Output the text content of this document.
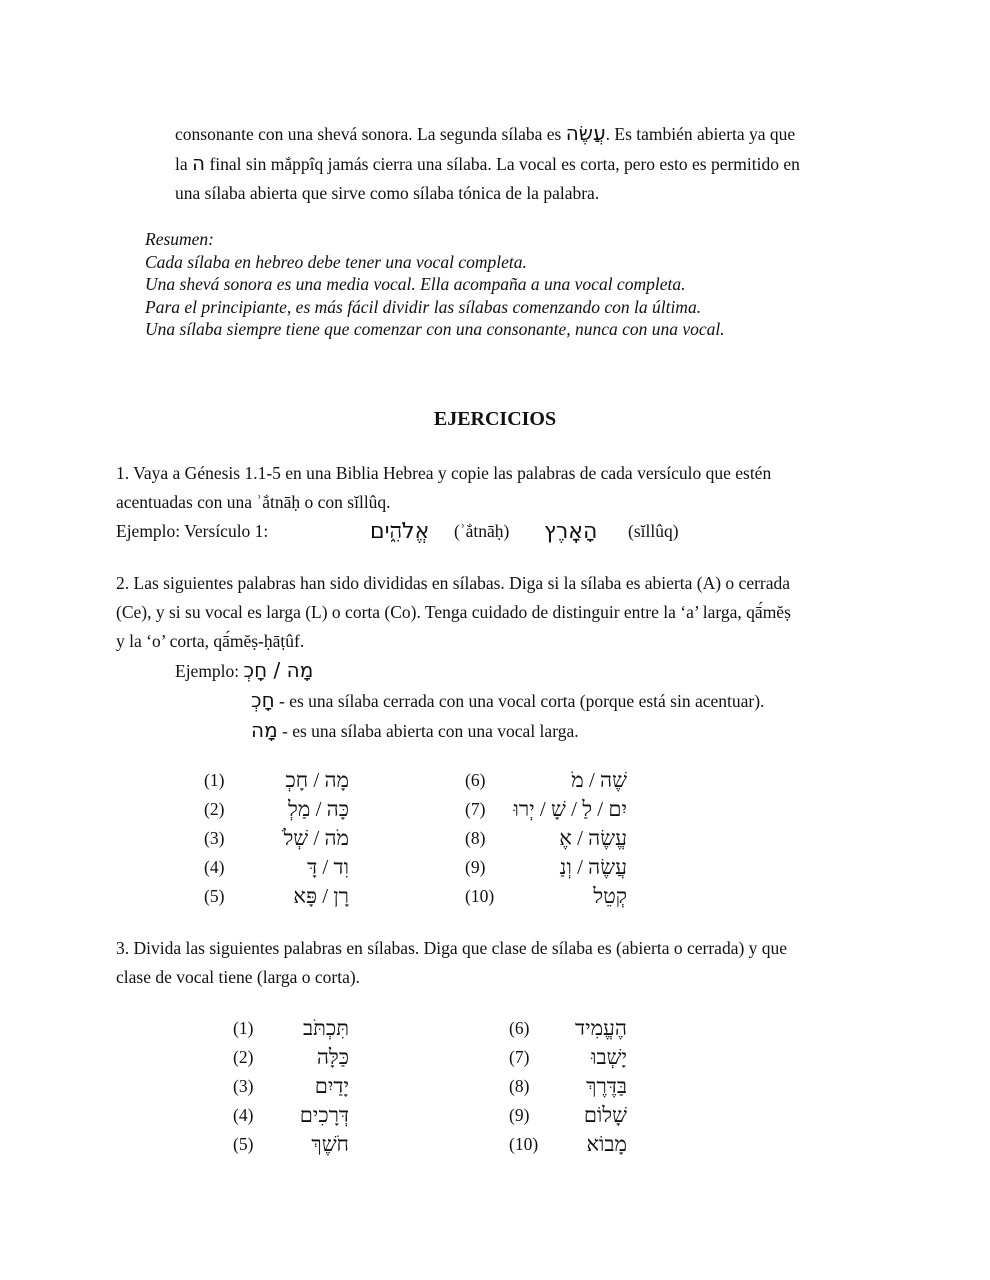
consonante con una shevá sonora. La segunda sílaba es עֲשֶׂה. Es también abierta ya que
la ה final sin mắppîq jamás cierra una sílaba. La vocal es corta, pero esto es permitido en
una sílaba abierta que sirve como sílaba tónica de la palabra.
Resumen:
Cada sílaba en hebreo debe tener una vocal completa.
Una shevá sonora es una media vocal. Ella acompaña a una vocal completa.
Para el principiante, es más fácil dividir las sílabas comenzando con la última.
Una sílaba siempre tiene que comenzar con una consonante, nunca con una vocal.
EJERCICIOS
1. Vaya a Génesis 1.1-5 en una Biblia Hebrea y copie las palabras de cada versículo que estén
acentuadas con una ʾắtnāḥ o con sĭllûq.
Ejemplo: Versículo 1:	אֱלֹהִ֑ים (ʾắtnāḥ) הָאָֽרֶץ (sĭllûq)
2. Las siguientes palabras han sido divididas en sílabas. Diga si la sílaba es abierta (A) o cerrada
(Ce), y si su vocal es larga (L) o corta (Co). Tenga cuidado de distinguir entre la ‘a’ larga, qā́mĕṣ
y la ‘o’ corta, qā́mĕṣ-ḥāṭûf.
Ejemplo: מָה / חָכְ
חָכְ - es una sílaba cerrada con una vocal corta (porque está sin acentuar).
מָה - es una sílaba abierta con una vocal larga.
(1)	מָה / חָכְ
(2)	כָּה / מַלְ
(3)	מֹה / שְׁלֹ
(4)	וִד / דָּ
(5)	רָן / פָּא
(6)	שֶׁה / מֹ
(7) יִם / לַ / שָׁ / יְרוּ
(8)	עֱשֶׂה / אֶ
(9)	עֲשֶׂה / וְנַ
(10)	קְטֵל
3. Divida las siguientes palabras en sílabas. Diga que clase de sílaba es (abierta o cerrada) y que
clase de vocal tiene (larga o corta).
(1) תִּכְתֹּב
(2)	כַּלָּה
(3)	יָדַיִם
(4) דְּרָכִים
(5)	חֹשֶׁךְ
(6) הֶעֱמִיד
(7)	יָשְׁבוּ
(8)	בַּדֶּרֶךְ
(9)	שָׁלוֹם
(10) מָבוֹא
